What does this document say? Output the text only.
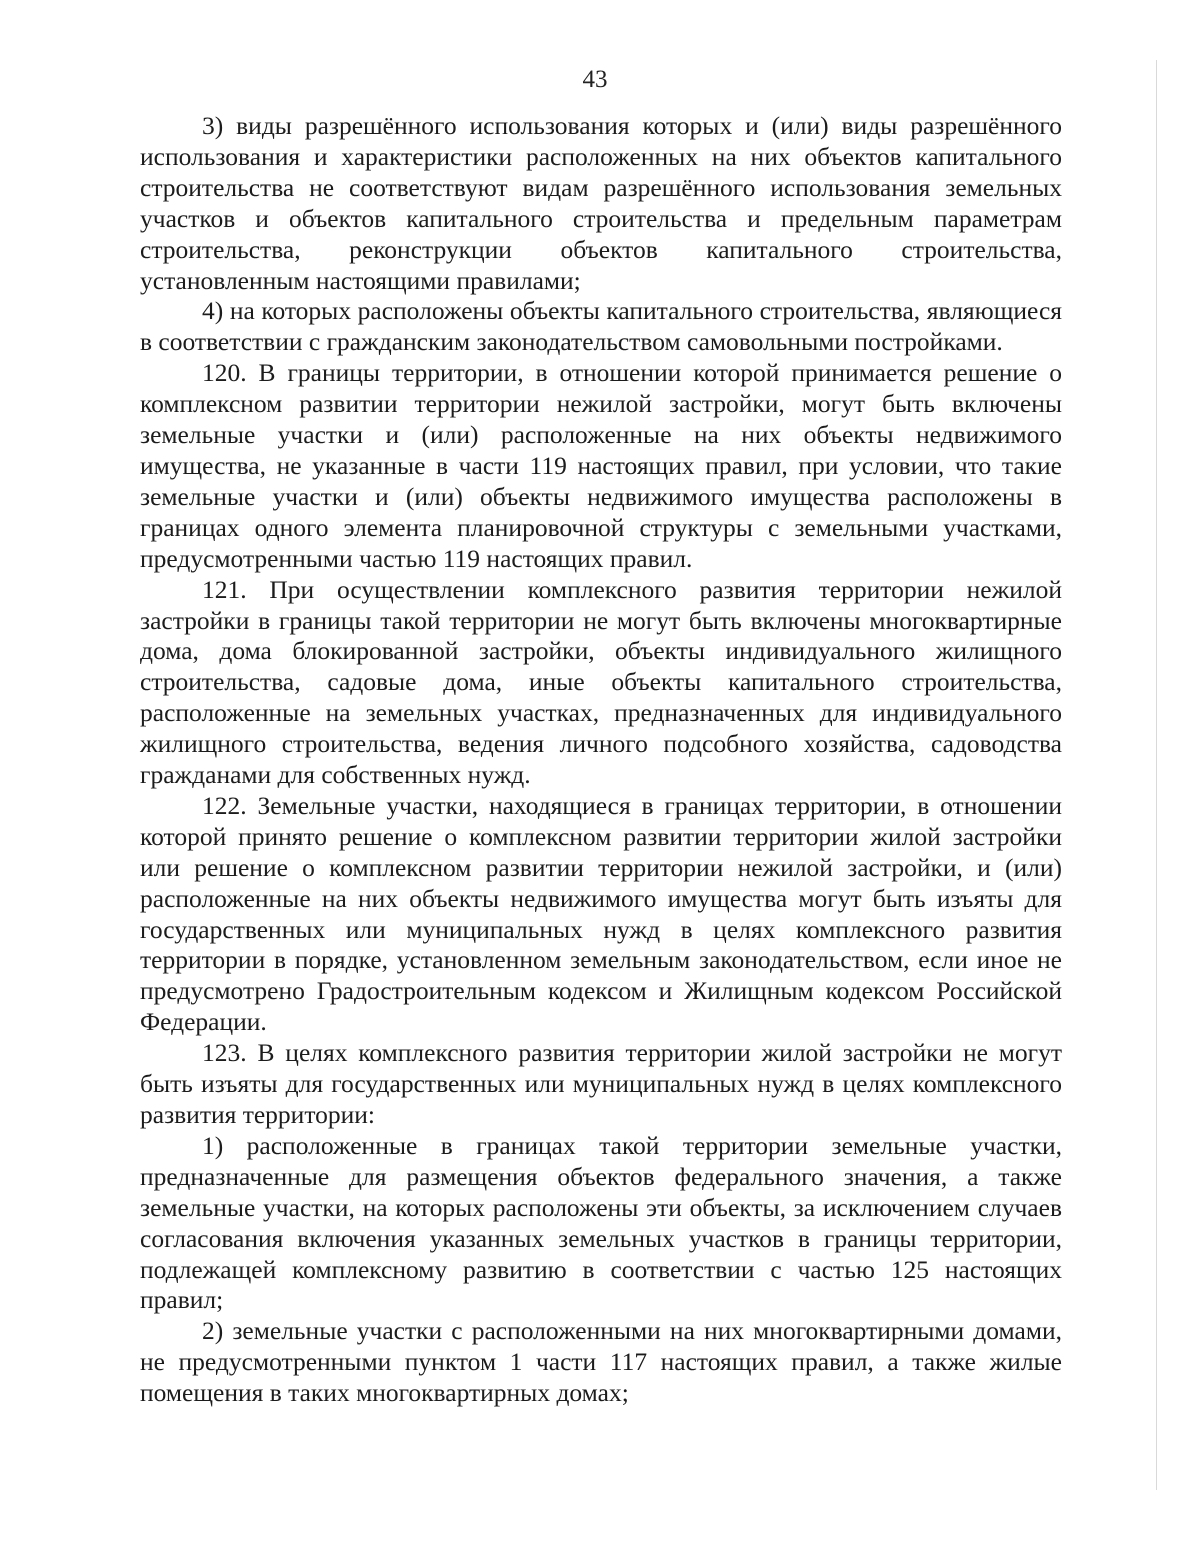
43

3) виды разрешённого использования которых и (или) виды разрешённого использования и характеристики расположенных на них объектов капитального строительства не соответствуют видам разрешённого использования земельных участков и объектов капитального строительства и предельным параметрам строительства, реконструкции объектов капитального строительства, установленным настоящими правилами;

4) на которых расположены объекты капитального строительства, являющиеся в соответствии с гражданским законодательством самовольными постройками.

120. В границы территории, в отношении которой принимается решение о комплексном развитии территории нежилой застройки, могут быть включены земельные участки и (или) расположенные на них объекты недвижимого имущества, не указанные в части 119 настоящих правил, при условии, что такие земельные участки и (или) объекты недвижимого имущества расположены в границах одного элемента планировочной структуры с земельными участками, предусмотренными частью 119 настоящих правил.

121. При осуществлении комплексного развития территории нежилой застройки в границы такой территории не могут быть включены многоквартирные дома, дома блокированной застройки, объекты индивидуального жилищного строительства, садовые дома, иные объекты капитального строительства, расположенные на земельных участках, предназначенных для индивидуального жилищного строительства, ведения личного подсобного хозяйства, садоводства гражданами для собственных нужд.

122. Земельные участки, находящиеся в границах территории, в отношении которой принято решение о комплексном развитии территории жилой застройки или решение о комплексном развитии территории нежилой застройки, и (или) расположенные на них объекты недвижимого имущества могут быть изъяты для государственных или муниципальных нужд в целях комплексного развития территории в порядке, установленном земельным законодательством, если иное не предусмотрено Градостроительным кодексом и Жилищным кодексом Российской Федерации.

123. В целях комплексного развития территории жилой застройки не могут быть изъяты для государственных или муниципальных нужд в целях комплексного развития территории:

1) расположенные в границах такой территории земельные участки, предназначенные для размещения объектов федерального значения, а также земельные участки, на которых расположены эти объекты, за исключением случаев согласования включения указанных земельных участков в границы территории, подлежащей комплексному развитию в соответствии с частью 125 настоящих правил;

2) земельные участки с расположенными на них многоквартирными домами, не предусмотренными пунктом 1 части 117 настоящих правил, а также жилые помещения в таких многоквартирных домах;
